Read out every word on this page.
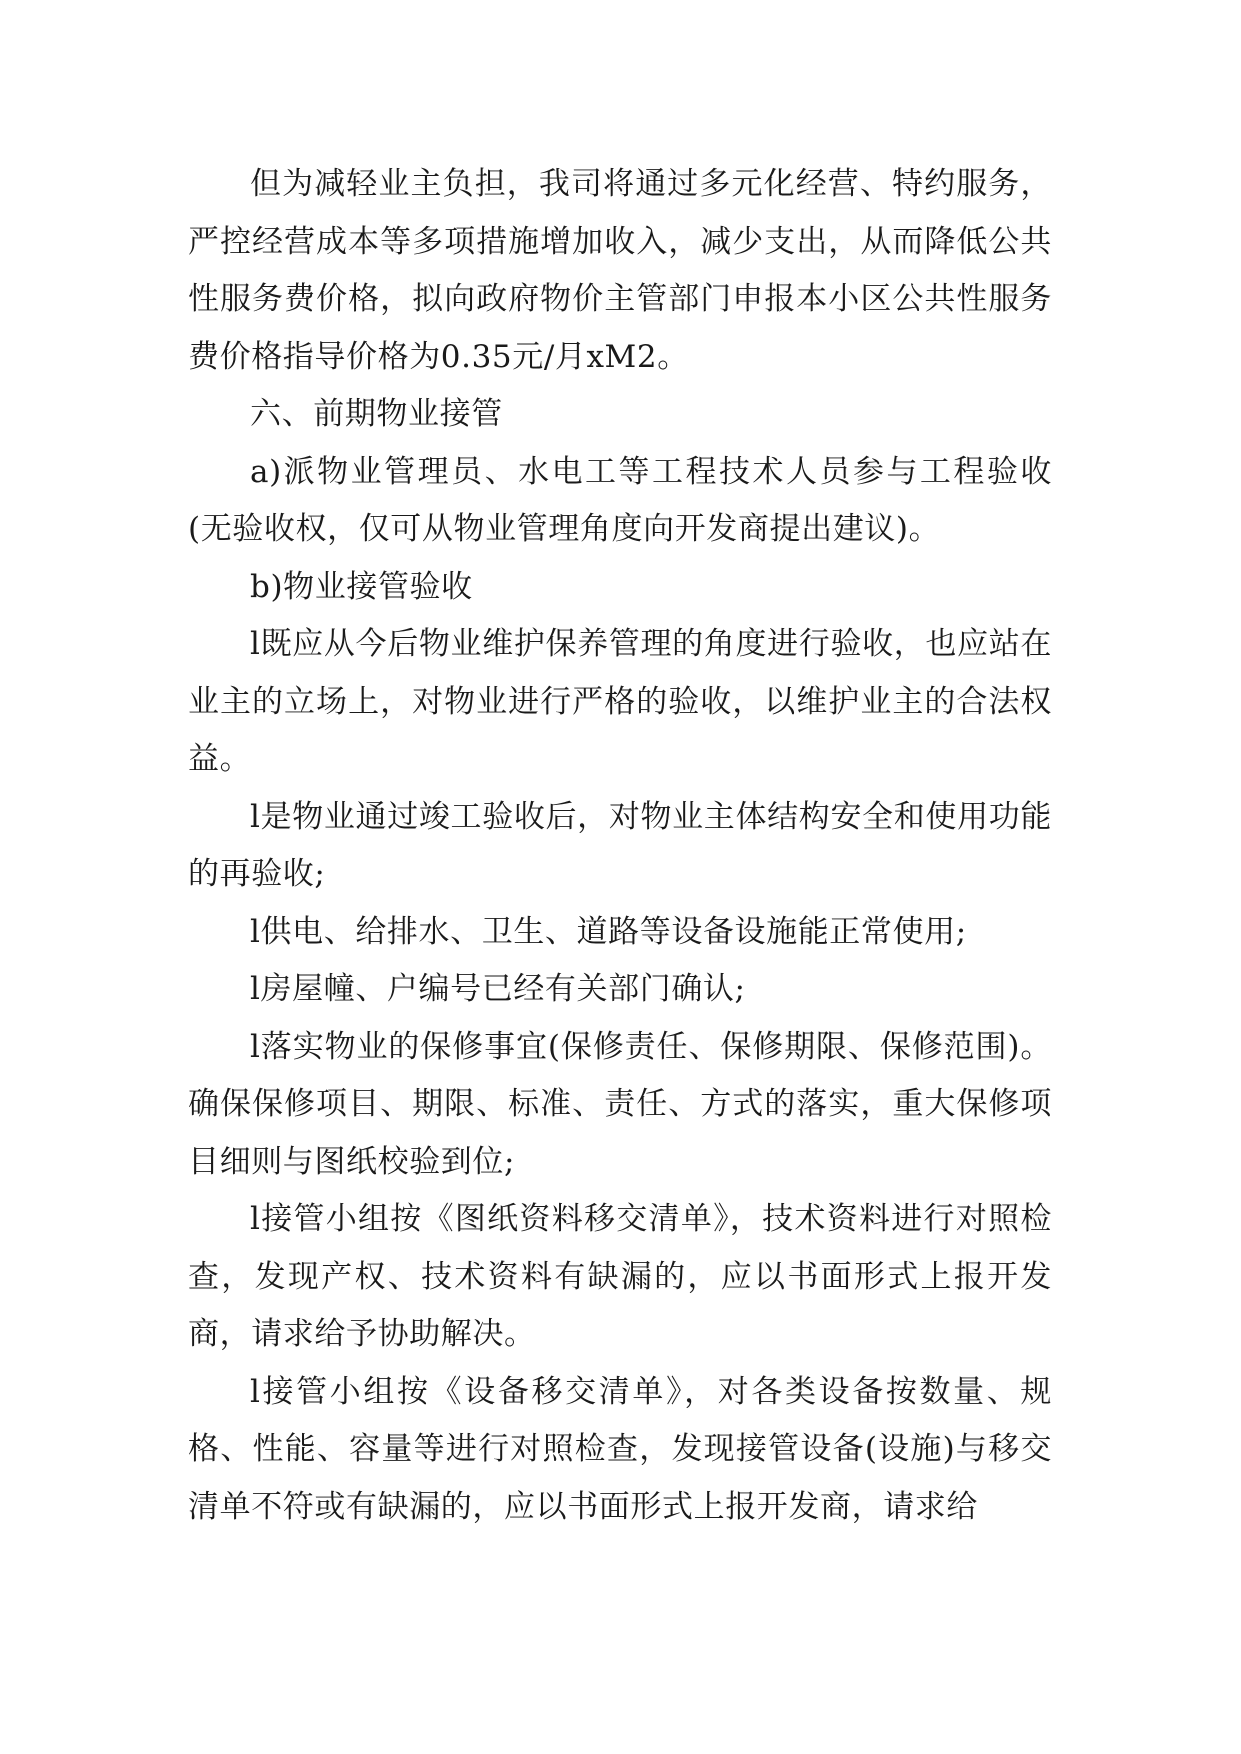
但为减轻业主负担，我司将通过多元化经营、特约服务，严控经营成本等多项措施增加收入，减少支出，从而降低公共性服务费价格，拟向政府物价主管部门申报本小区公共性服务费价格指导价格为0.35元/月xM2。

六、前期物业接管

a)派物业管理员、水电工等工程技术人员参与工程验收(无验收权，仅可从物业管理角度向开发商提出建议)。

b)物业接管验收

l既应从今后物业维护保养管理的角度进行验收，也应站在业主的立场上，对物业进行严格的验收，以维护业主的合法权益。

l是物业通过竣工验收后，对物业主体结构安全和使用功能的再验收;

l供电、给排水、卫生、道路等设备设施能正常使用;

l房屋幢、户编号已经有关部门确认;

l落实物业的保修事宜(保修责任、保修期限、保修范围)。确保保修项目、期限、标准、责任、方式的落实，重大保修项目细则与图纸校验到位;

l接管小组按《图纸资料移交清单》，技术资料进行对照检查，发现产权、技术资料有缺漏的，应以书面形式上报开发商，请求给予协助解决。

l接管小组按《设备移交清单》，对各类设备按数量、规格、性能、容量等进行对照检查，发现接管设备(设施)与移交清单不符或有缺漏的，应以书面形式上报开发商，请求给
